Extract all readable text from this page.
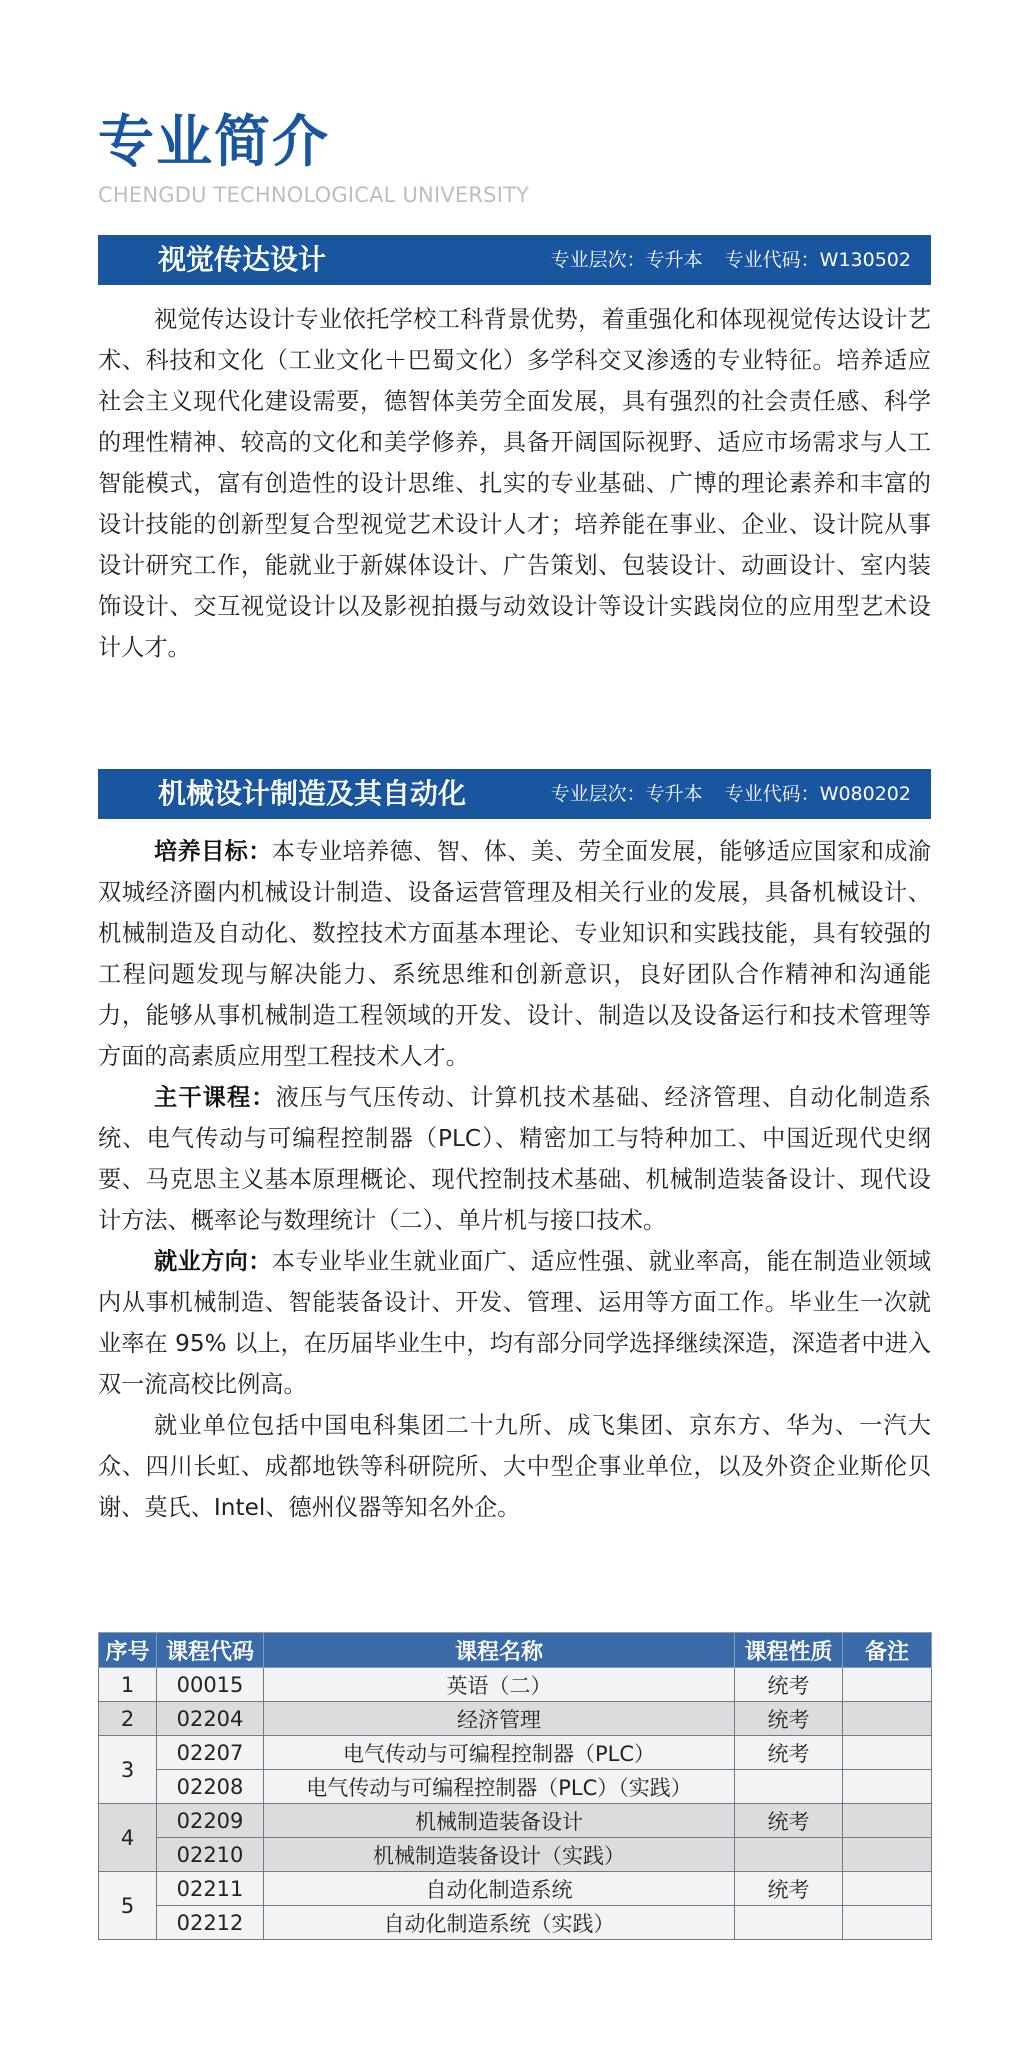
专业简介
CHENGDU TECHNOLOGICAL UNIVERSITY
视觉传达设计	专业层次：专升本 专业代码：W130502

视觉传达设计专业依托学校工科背景优势，着重强化和体现视觉传达设计艺术、科技和文化（工业文化＋巴蜀文化）多学科交叉渗透的专业特征。培养适应社会主义现代化建设需要，德智体美劳全面发展，具有强烈的社会责任感、科学的理性精神、较高的文化和美学修养，具备开阔国际视野、适应市场需求与人工智能模式，富有创造性的设计思维、扎实的专业基础、广博的理论素养和丰富的设计技能的创新型复合型视觉艺术设计人才；培养能在事业、企业、设计院从事设计研究工作，能就业于新媒体设计、广告策划、包装设计、动画设计、室内装饰设计、交互视觉设计以及影视拍摄与动效设计等设计实践岗位的应用型艺术设计人才。

机械设计制造及其自动化	专业层次：专升本 专业代码：W080202

培养目标：本专业培养德、智、体、美、劳全面发展，能够适应国家和成渝双城经济圈内机械设计制造、设备运营管理及相关行业的发展，具备机械设计、机械制造及自动化、数控技术方面基本理论、专业知识和实践技能，具有较强的工程问题发现与解决能力、系统思维和创新意识，良好团队合作精神和沟通能力，能够从事机械制造工程领域的开发、设计、制造以及设备运行和技术管理等方面的高素质应用型工程技术人才。

主干课程：液压与气压传动、计算机技术基础、经济管理、自动化制造系统、电气传动与可编程控制器（PLC）、精密加工与特种加工、中国近现代史纲要、马克思主义基本原理概论、现代控制技术基础、机械制造装备设计、现代设计方法、概率论与数理统计（二）、单片机与接口技术。

就业方向：本专业毕业生就业面广、适应性强、就业率高，能在制造业领域内从事机械制造、智能装备设计、开发、管理、运用等方面工作。毕业生一次就业率在 95% 以上，在历届毕业生中，均有部分同学选择继续深造，深造者中进入双一流高校比例高。

就业单位包括中国电科集团二十九所、成飞集团、京东方、华为、一汽大众、四川长虹、成都地铁等科研院所、大中型企事业单位，以及外资企业斯伦贝谢、莫氏、Intel、德州仪器等知名外企。

序号	课程代码	课程名称	课程性质	备注
1	00015	英语（二）	统考	
2	02204	经济管理	统考	
3	02207	电气传动与可编程控制器（PLC）	统考	
	02208	电气传动与可编程控制器（PLC）（实践）		
4	02209	机械制造装备设计	统考	
	02210	机械制造装备设计（实践）		
5	02211	自动化制造系统	统考	
	02212	自动化制造系统（实践）		
